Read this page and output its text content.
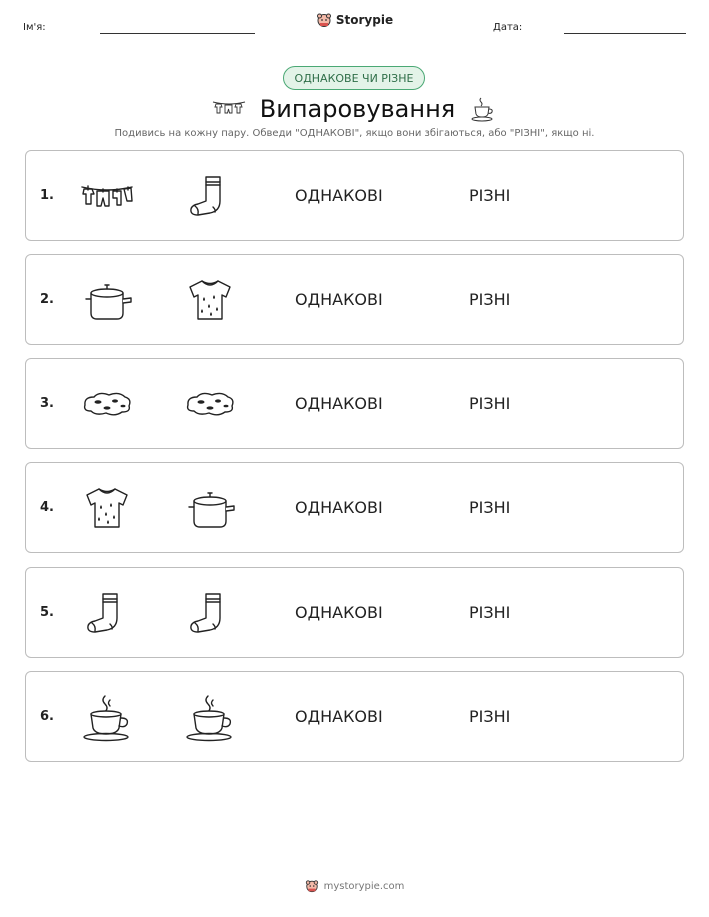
Ім'я:
Storypie
Дата:
ОДНАКОВЕ ЧИ РІЗНЕ
Випаровування
Подивись на кожну пару. Обведи "ОДНАКОВІ", якщо вони збігаються, або "РІЗНІ", якщо ні.
1.	ОДНАКОВІ	РІЗНІ
2.	ОДНАКОВІ	РІЗНІ
3.	ОДНАКОВІ	РІЗНІ
4.	ОДНАКОВІ	РІЗНІ
5.	ОДНАКОВІ	РІЗНІ
6.	ОДНАКОВІ	РІЗНІ
mystorypie.com
